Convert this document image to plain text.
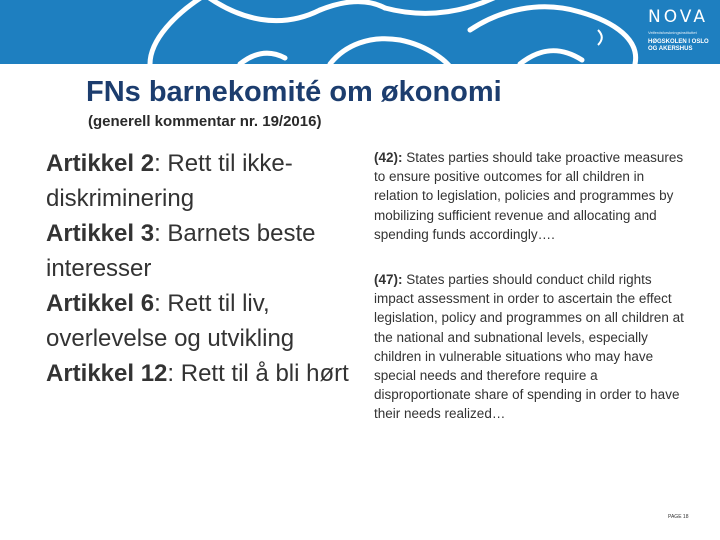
NOVA
Velferdsforskningsinstituttet
HØGSKOLEN I OSLO
OG AKERSHUS
FNs barnekomité om økonomi
(generell kommentar nr. 19/2016)

Artikkel 2: Rett til ikke-diskriminering

Artikkel 3: Barnets beste interesser

Artikkel 6: Rett til liv, overlevelse og utvikling

Artikkel 12: Rett til å bli hørt

(42): States parties should take proactive measures to ensure positive outcomes for all children in relation to legislation, policies and programmes by mobilizing sufficient revenue and allocating and spending funds accordingly….

(47): States parties should conduct child rights impact assessment in order to ascertain the effect legislation, policy and programmes on all children at the national and subnational levels, especially children in vulnerable situations who may have special needs and therefore require a disproportionate share of spending in order to have their needs realized…

PAGE 18
